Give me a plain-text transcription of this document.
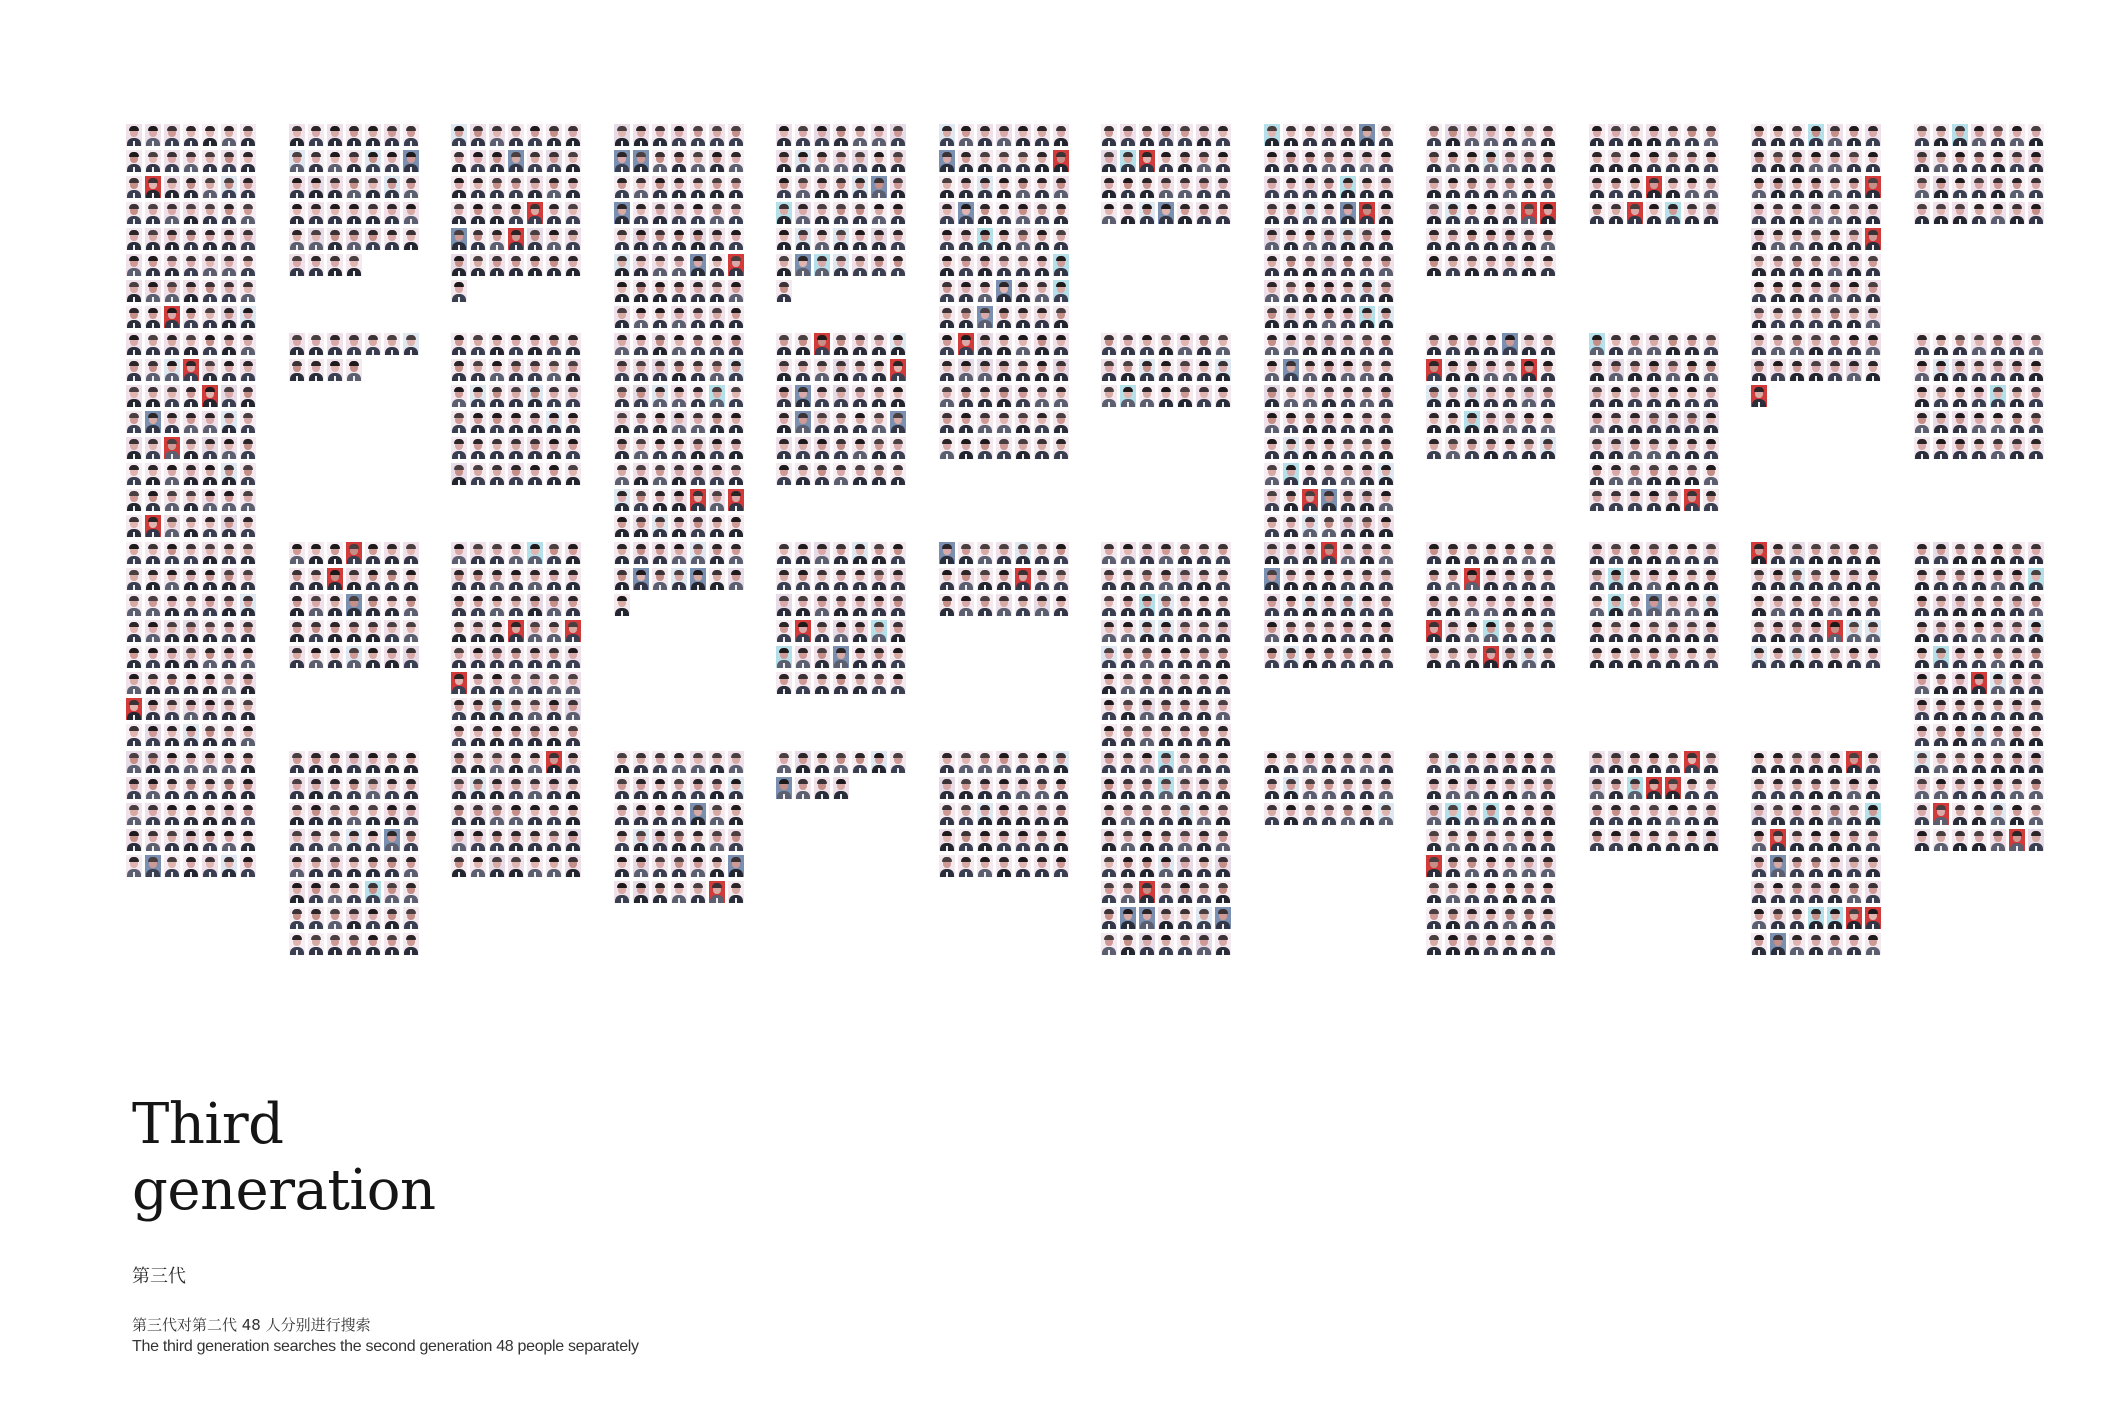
Third
generation
第三代
第三代对第二代 48 人分别进行搜索
The third generation searches the second generation 48 people separately
